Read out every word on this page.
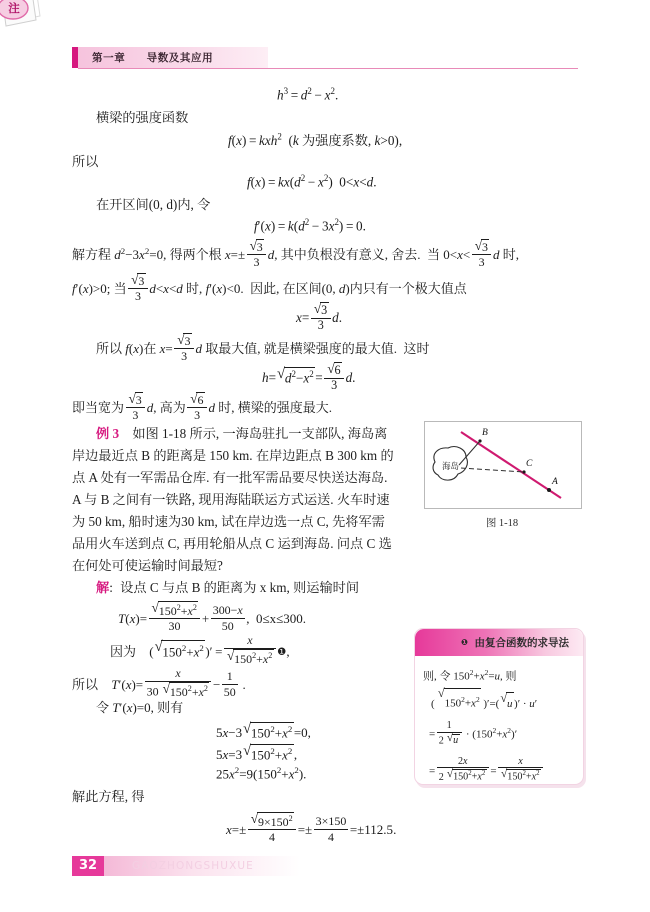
第一章 导数及其应用
$h^3 = d^2 - x^2$.
横梁的强度函数
f(x) = kxh$^2$  (k 为强度系数, k>0),
所以
$f(x) = kx(d^2 - x^2)$  0<x<d.
在开区间(0, d)内, 令
$f'(x) = k(d^2 - 3x^2) = 0$.
解方程 $d^2-3x^2=0$, 得两个根 $x=\pm \frac{√ 3}{3} d$, 其中负根没有意义, 舍去.  当 $0<x< \frac{√ 3}{3}$ d 时,
f′(x)>0; 当 $\frac{√ 3}{3} d<x<d$ 时, f′(x)<0.  因此, 在区间(0, d)内只有一个极大值点
$x= \frac{√ 3}{3} d$.
所以 f(x)在 $x= \frac{√ 3}{3}$ d 取最大值, 就是横梁强度的最大值.  这时
h= √ $d^2-x^2 = \frac{√ 6}{3} d$.
即当宽为 $\frac{√ 3}{3} d$, 高为 $\frac{√ 6}{3}$ d 时, 横梁的强度最大.
例 3 如图 1-18 所示, 一海岛驻扎一支部队, 海岛离
岸边最近点 B 的距离是 150 km. 在岸边距点 B 300 km 的
点 A 处有一军需品仓库. 有一批军需品要尽快送达海岛.
A 与 B 之间有一铁路, 现用海陆联运方式运送. 火车时速
为 50 km, 船时速为30 km, 试在岸边选一点 C, 先将军需
品用火车送到点 C, 再用轮船从点 C 运到海岛. 问点 C 选
在何处可使运输时间最短?
海岛
B
C
A
图 1-18
解: 设点 C 与点 B 的距离为 x km, 则运输时间
$T(x)= \frac{√ 150^2+x^2}{30} + \frac{300-x}{50}$ ,  0≤x≤300.
因为 ( √ $150^2+x^2$ )′ = $\frac{x}{√ 150^2+x^2}$ ❶,
所以 $T'(x)= \frac{x}{30 √ 150^2+x^2} - \frac{1}{50}$ .
令 T′(x)=0, 则有
5x−3 √ $150^2+x^2 =0$,
5x=3 √ $150^2+x^2$ ,
$25x^2=9(150^2+x^2)$.
解此方程, 得
$x=\pm \frac{√ 9\times 150^2}{4} =\pm \frac{3\times 150}{4} =\pm 112.5$.
❶ 由复合函数的求导法
则, 令 $150^2+x^2=u$, 则
( 
√
$150^2+x^2$ )′=( √ u )′ · u′
= $\frac{1}{2 √ u} \cdot (150^2+x^2)'$
= $\frac{2x}{2 √ 150^2+x^2} = \frac{x}{√ 150^2+x^2}$
注
GAOZHONGSHUXUE
32
